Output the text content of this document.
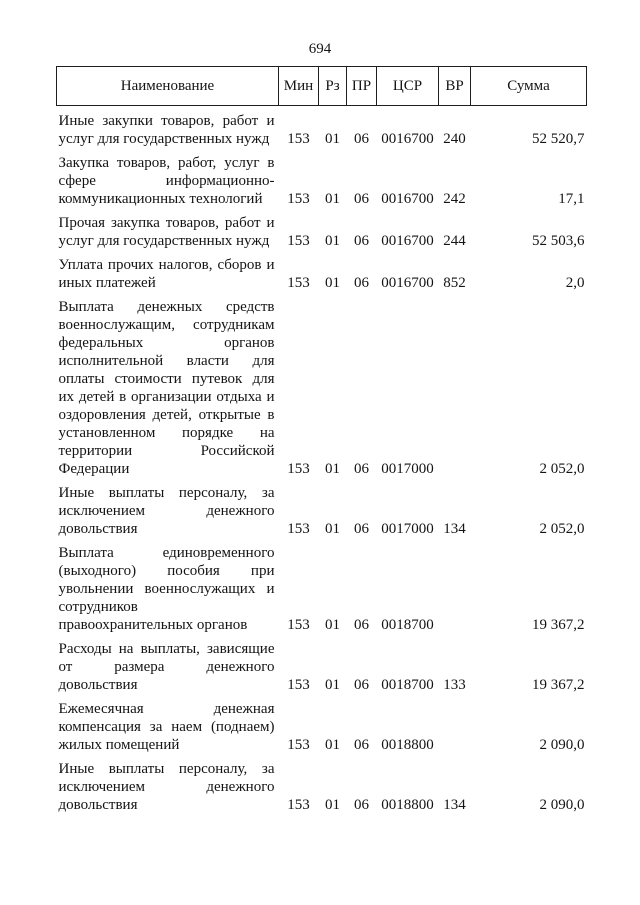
694
Наименование	Мин	Рз	ПР	ЦСР	ВР	Сумма

Иные закупки товаров, работ и услуг для государственных нужд	153	01	06	0016700	240	52 520,7

Закупка товаров, работ, услуг в сфере информационно-коммуникационных технологий	153	01	06	0016700	242	17,1

Прочая закупка товаров, работ и услуг для государственных нужд	153	01	06	0016700	244	52 503,6

Уплата прочих налогов, сборов и иных платежей	153	01	06	0016700	852	2,0

Выплата денежных средств военнослужащим, сотрудникам федеральных органов исполнительной власти для оплаты стоимости путевок для их детей в организации отдыха и оздоровления детей, открытые в установленном порядке на территории Российской Федерации	153	01	06	0017000		2 052,0

Иные выплаты персоналу, за исключением денежного довольствия	153	01	06	0017000	134	2 052,0

Выплата единовременного (выходного) пособия при увольнении военнослужащих и сотрудников правоохранительных органов	153	01	06	0018700		19 367,2

Расходы на выплаты, зависящие от размера денежного довольствия	153	01	06	0018700	133	19 367,2

Ежемесячная денежная компенсация за наем (поднаем) жилых помещений	153	01	06	0018800		2 090,0

Иные выплаты персоналу, за исключением денежного довольствия	153	01	06	0018800	134	2 090,0
